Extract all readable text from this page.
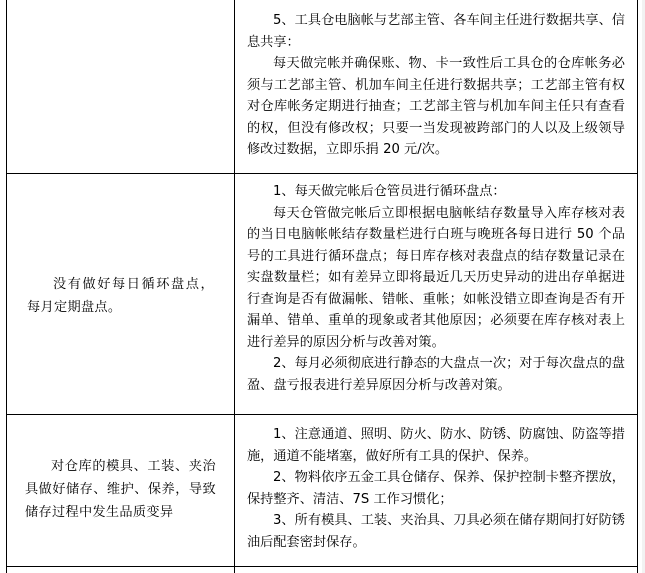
5、工具仓电脑帐与艺部主管、各车间主任进行数据共享、信息共享：

每天做完帐并确保账、物、卡一致性后工具仓的仓库帐务必须与工艺部主管、机加车间主任进行数据共享；工艺部主管有权对仓库帐务定期进行抽查；工艺部主管与机加车间主任只有查看的权，但没有修改权；只要一当发现被跨部门的人以及上级领导修改过数据，立即乐捐 20 元/次。

没有做好每日循环盘点，每月定期盘点。

1、每天做完帐后仓管员进行循环盘点：

每天仓管做完帐后立即根据电脑帐结存数量导入库存核对表的当日电脑帐帐结存数量栏进行白班与晚班各每日进行 50 个品号的工具进行循环盘点；每日库存核对表盘点的结存数量记录在实盘数量栏；如有差异立即将最近几天历史异动的进出存单据进行查询是否有做漏帐、错帐、重帐；如帐没错立即查询是否有开漏单、错单、重单的现象或者其他原因；必须要在库存核对表上进行差异的原因分析与改善对策。

2、每月必须彻底进行静态的大盘点一次；对于每次盘点的盘盈、盘亏报表进行差异原因分析与改善对策。

对仓库的模具、工装、夹治具做好储存、维护、保养，导致储存过程中发生品质变异

1、注意通道、照明、防火、防水、防锈、防腐蚀、防盗等措施，通道不能堵塞，做好所有工具的保护、保养。

2、物料依序五金工具仓储存、保养、保护控制卡整齐摆放，保持整齐、清洁、7S 工作习惯化；

3、所有模具、工装、夹治具、刀具必须在储存期间打好防锈油后配套密封保存。
